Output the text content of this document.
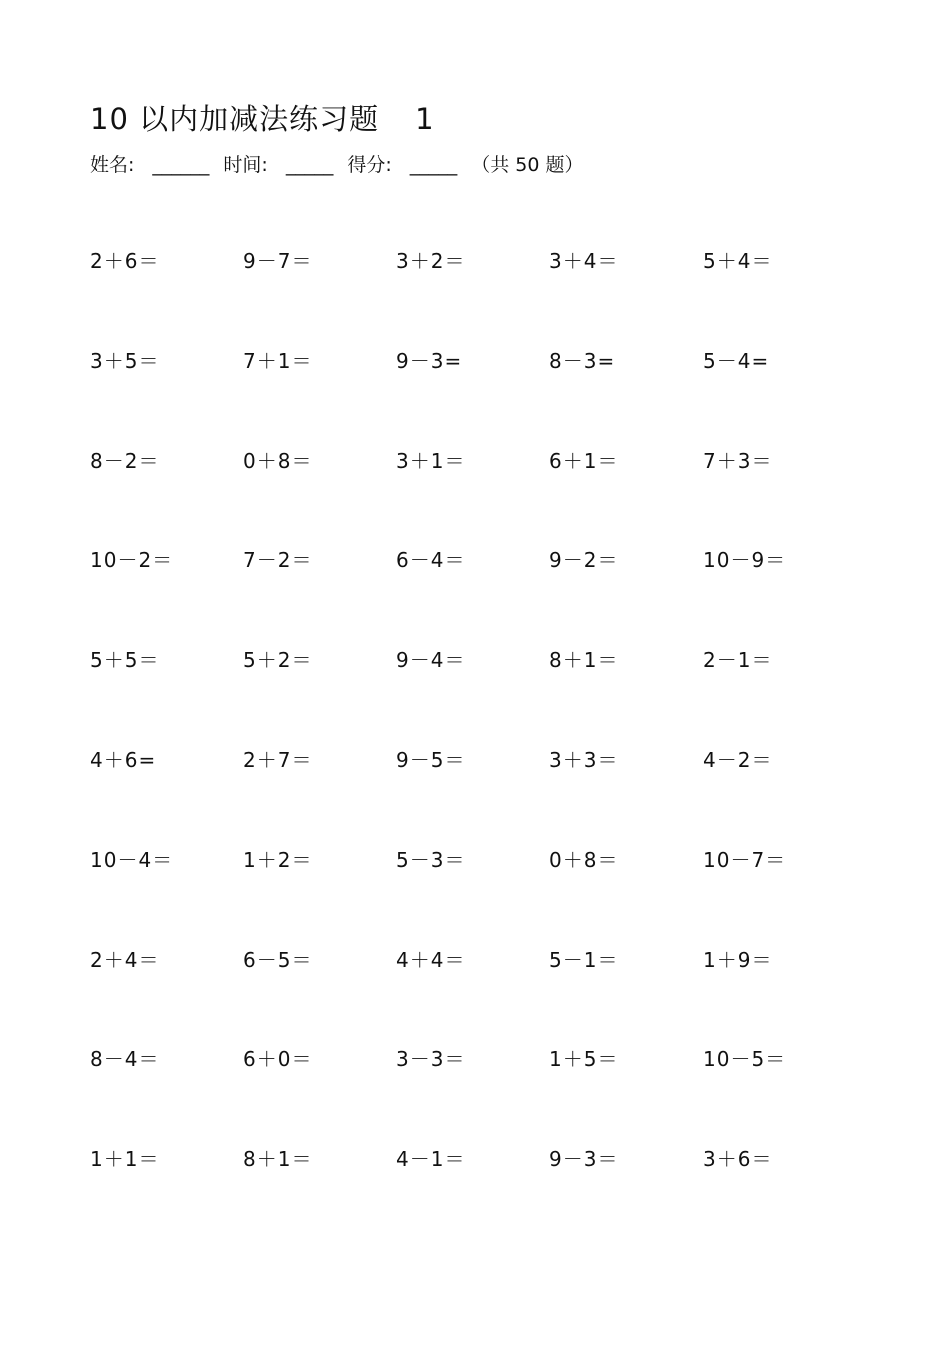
10 以内加减法练习题 1
姓名: ______ 时间: _____ 得分: _____ （共 50 题）
2＋6＝	9－7＝	3＋2＝	3＋4＝	5＋4＝
3＋5＝	7＋1＝	9－3=	8－3=	5－4=
8－2＝	0＋8＝	3＋1＝	6＋1＝	7＋3＝
10－2＝	7－2＝	6－4＝	9－2＝	10－9＝
5＋5＝	5＋2＝	9－4＝	8＋1＝	2－1＝
4＋6=	2＋7＝	9－5＝	3＋3＝	4－2＝
10－4＝	1＋2＝	5－3＝	0＋8＝	10－7＝
2＋4＝	6－5＝	4＋4＝	5－1＝	1＋9＝
8－4＝	6＋0＝	3－3＝	1＋5＝	10－5＝
1＋1＝	8＋1＝	4－1＝	9－3＝	3＋6＝
